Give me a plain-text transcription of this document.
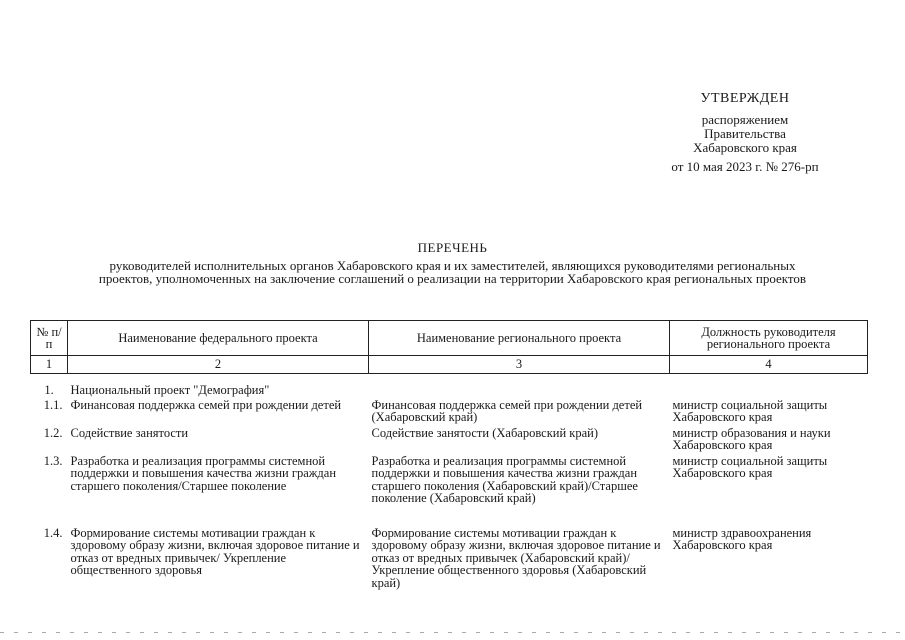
УТВЕРЖДЕН
распоряжением
Правительства
Хабаровского края
от 10 мая 2023 г. № 276-рп
ПЕРЕЧЕНЬ
руководителей исполнительных органов Хабаровского края и их заместителей, являющихся руководителями региональных
проектов, уполномоченных на заключение соглашений о реализации на территории Хабаровского края региональных проектов
№ п/п	Наименование федерального проекта	Наименование регионального проекта	Должность руководителя регионального проекта
1	2	3	4
1.	Национальный проект "Демография"		
1.1.	Финансовая поддержка семей при рождении детей	Финансовая поддержка семей при рождении детей (Хабаровский край)	министр социальной защиты Хабаровского края
1.2.	Содействие занятости	Содействие занятости (Хабаровский край)	министр образования и науки Хабаровского края
1.3.	Разработка и реализация программы системной поддержки и повышения качества жизни граждан старшего поколения/Старшее поколение	Разработка и реализация программы системной поддержки и повышения качества жизни граждан старшего поколения (Хабаровский край)/Старшее поколение (Хабаровский край)	министр социальной защиты Хабаровского края
1.4.	Формирование системы мотивации граждан к здоровому образу жизни, включая здоровое питание и отказ от вредных привычек/ Укрепление общественного здоровья	Формирование системы мотивации граждан к здоровому образу жизни, включая здоровое питание и отказ от вредных привычек (Хабаровский край)/Укрепление общественного здоровья (Хабаровский край)	министр здравоохранения Хабаровского края
